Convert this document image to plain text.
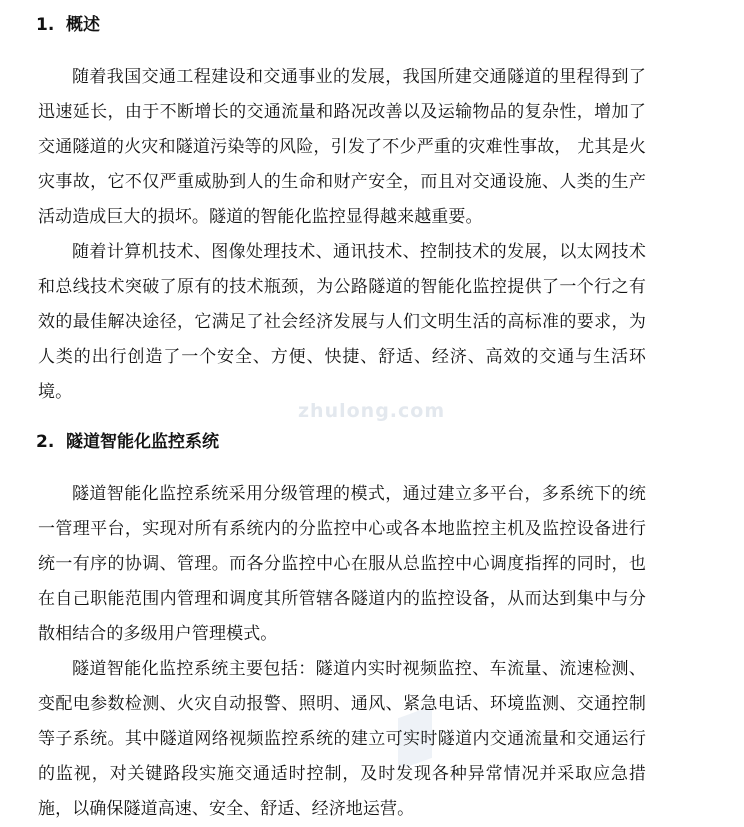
zhulong.com
1. 概述

随着我国交通工程建设和交通事业的发展，我国所建交通隧道的里程得到了迅速延长，由于不断增长的交通流量和路况改善以及运输物品的复杂性，增加了交通隧道的火灾和隧道污染等的风险，引发了不少严重的灾难性事故， 尤其是火灾事故，它不仅严重威胁到人的生命和财产安全，而且对交通设施、人类的生产活动造成巨大的损坏。隧道的智能化监控显得越来越重要。

随着计算机技术、图像处理技术、通讯技术、控制技术的发展，以太网技术和总线技术突破了原有的技术瓶颈，为公路隧道的智能化监控提供了一个行之有效的最佳解决途径，它满足了社会经济发展与人们文明生活的高标准的要求，为人类的出行创造了一个安全、方便、快捷、舒适、经济、高效的交通与生活环境。

2. 隧道智能化监控系统

隧道智能化监控系统采用分级管理的模式，通过建立多平台，多系统下的统一管理平台，实现对所有系统内的分监控中心或各本地监控主机及监控设备进行统一有序的协调、管理。而各分监控中心在服从总监控中心调度指挥的同时，也在自己职能范围内管理和调度其所管辖各隧道内的监控设备，从而达到集中与分散相结合的多级用户管理模式。

隧道智能化监控系统主要包括：隧道内实时视频监控、车流量、流速检测、变配电参数检测、火灾自动报警、照明、通风、紧急电话、环境监测、交通控制等子系统。其中隧道网络视频监控系统的建立可实时隧道内交通流量和交通运行的监视，对关键路段实施交通适时控制，及时发现各种异常情况并采取应急措施，以确保隧道高速、安全、舒适、经济地运营。
